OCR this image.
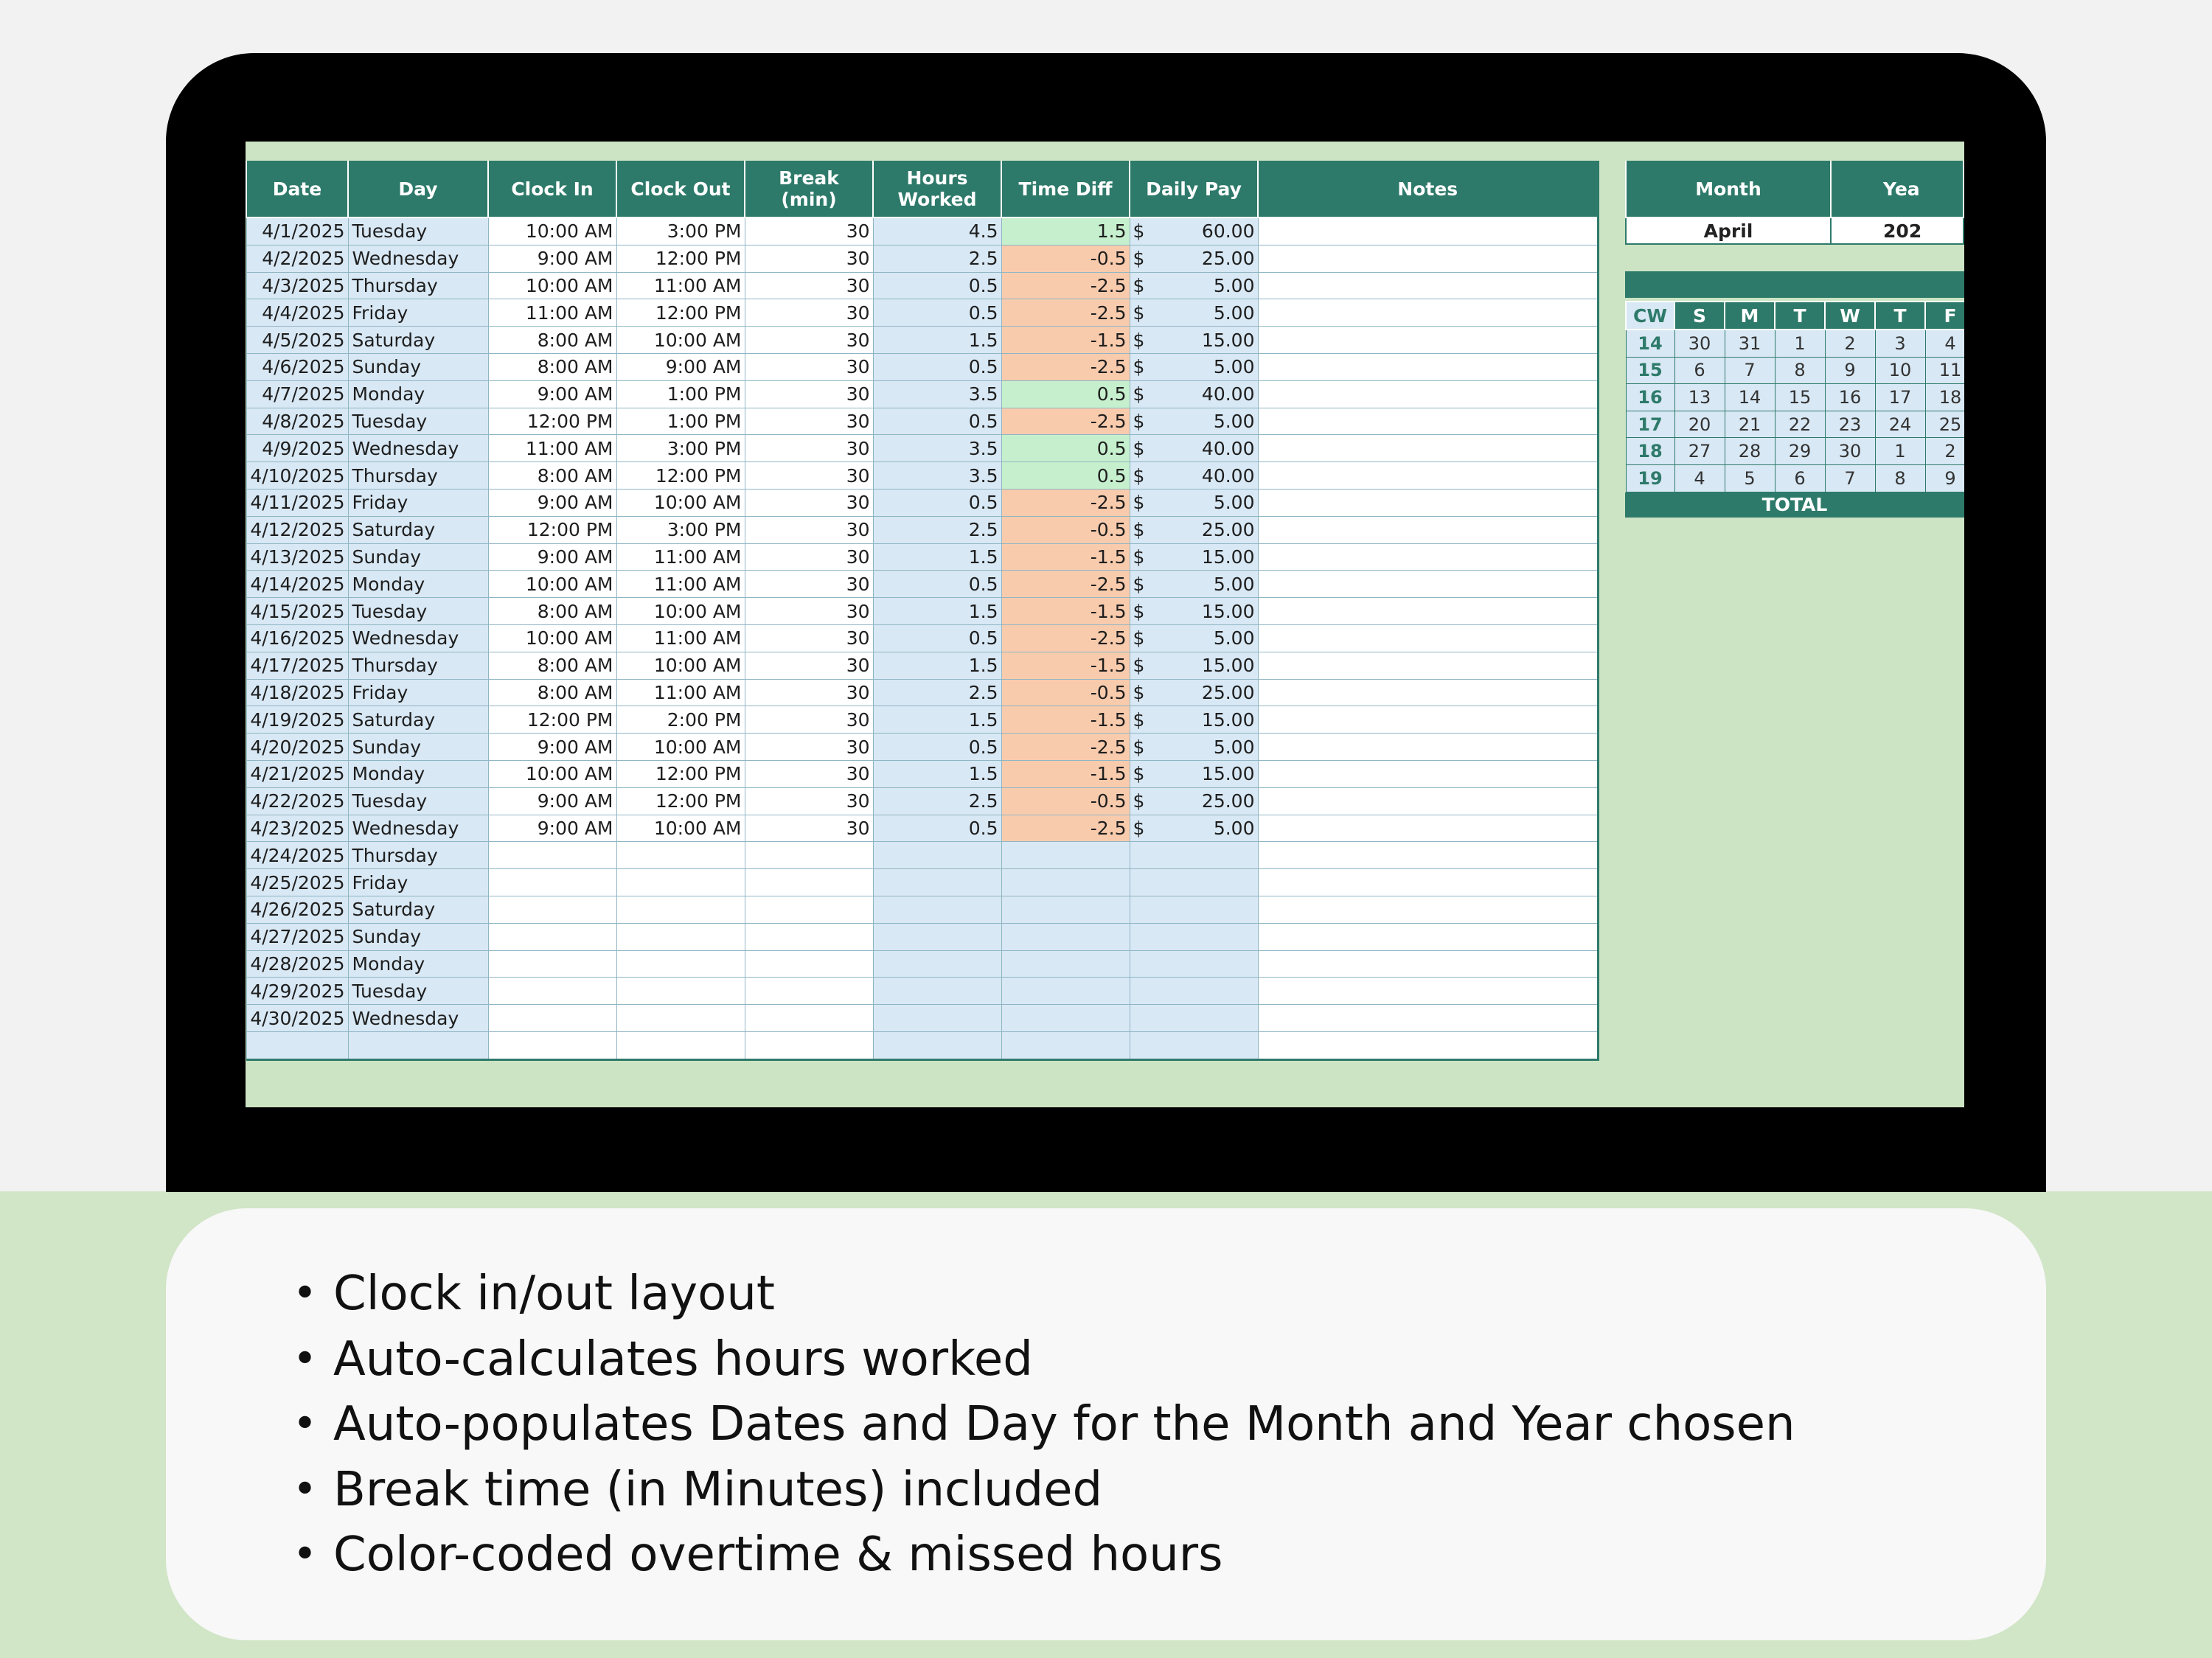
Date	Day	Clock In	Clock Out	Break (min)	Hours Worked	Time Diff	Daily Pay	Notes
4/1/2025	Tuesday	10:00 AM	3:00 PM	30	4.5	1.5	$ 60.00	

4/2/2025	Wednesday	9:00 AM	12:00 PM	30	2.5	-0.5	$ 25.00	

4/3/2025	Thursday	10:00 AM	11:00 AM	30	0.5	-2.5	$ 5.00	

4/4/2025	Friday	11:00 AM	12:00 PM	30	0.5	-2.5	$ 5.00	

4/5/2025	Saturday	8:00 AM	10:00 AM	30	1.5	-1.5	$ 15.00	

4/6/2025	Sunday	8:00 AM	9:00 AM	30	0.5	-2.5	$ 5.00	

4/7/2025	Monday	9:00 AM	1:00 PM	30	3.5	0.5	$ 40.00	

4/8/2025	Tuesday	12:00 PM	1:00 PM	30	0.5	-2.5	$ 5.00	

4/9/2025	Wednesday	11:00 AM	3:00 PM	30	3.5	0.5	$ 40.00	

4/10/2025	Thursday	8:00 AM	12:00 PM	30	3.5	0.5	$ 40.00	

4/11/2025	Friday	9:00 AM	10:00 AM	30	0.5	-2.5	$ 5.00	

4/12/2025	Saturday	12:00 PM	3:00 PM	30	2.5	-0.5	$ 25.00	

4/13/2025	Sunday	9:00 AM	11:00 AM	30	1.5	-1.5	$ 15.00	

4/14/2025	Monday	10:00 AM	11:00 AM	30	0.5	-2.5	$ 5.00	

4/15/2025	Tuesday	8:00 AM	10:00 AM	30	1.5	-1.5	$ 15.00	

4/16/2025	Wednesday	10:00 AM	11:00 AM	30	0.5	-2.5	$ 5.00	

4/17/2025	Thursday	8:00 AM	10:00 AM	30	1.5	-1.5	$ 15.00	

4/18/2025	Friday	8:00 AM	11:00 AM	30	2.5	-0.5	$ 25.00	

4/19/2025	Saturday	12:00 PM	2:00 PM	30	1.5	-1.5	$ 15.00	

4/20/2025	Sunday	9:00 AM	10:00 AM	30	0.5	-2.5	$ 5.00	

4/21/2025	Monday	10:00 AM	12:00 PM	30	1.5	-1.5	$ 15.00	

4/22/2025	Tuesday	9:00 AM	12:00 PM	30	2.5	-0.5	$ 25.00	

4/23/2025	Wednesday	9:00 AM	10:00 AM	30	0.5	-2.5	$ 5.00	

4/24/2025	Thursday							
4/25/2025	Friday							
4/26/2025	Saturday							
4/27/2025	Sunday							
4/28/2025	Monday							
4/29/2025	Tuesday							
4/30/2025	Wednesday							

Month	Yea
April	202
CW	S	M	T	W	T	F
14	30	31	1	2	3	4
15	6	7	8	9	10	11
16	13	14	15	16	17	18
17	20	21	22	23	24	25
18	27	28	29	30	1	2
19	4	5	6	7	8	9
TOTAL
• Clock in/out layout
• Auto-calculates hours worked
• Auto-populates Dates and Day for the Month and Year chosen
• Break time (in Minutes) included
• Color-coded overtime & missed hours
